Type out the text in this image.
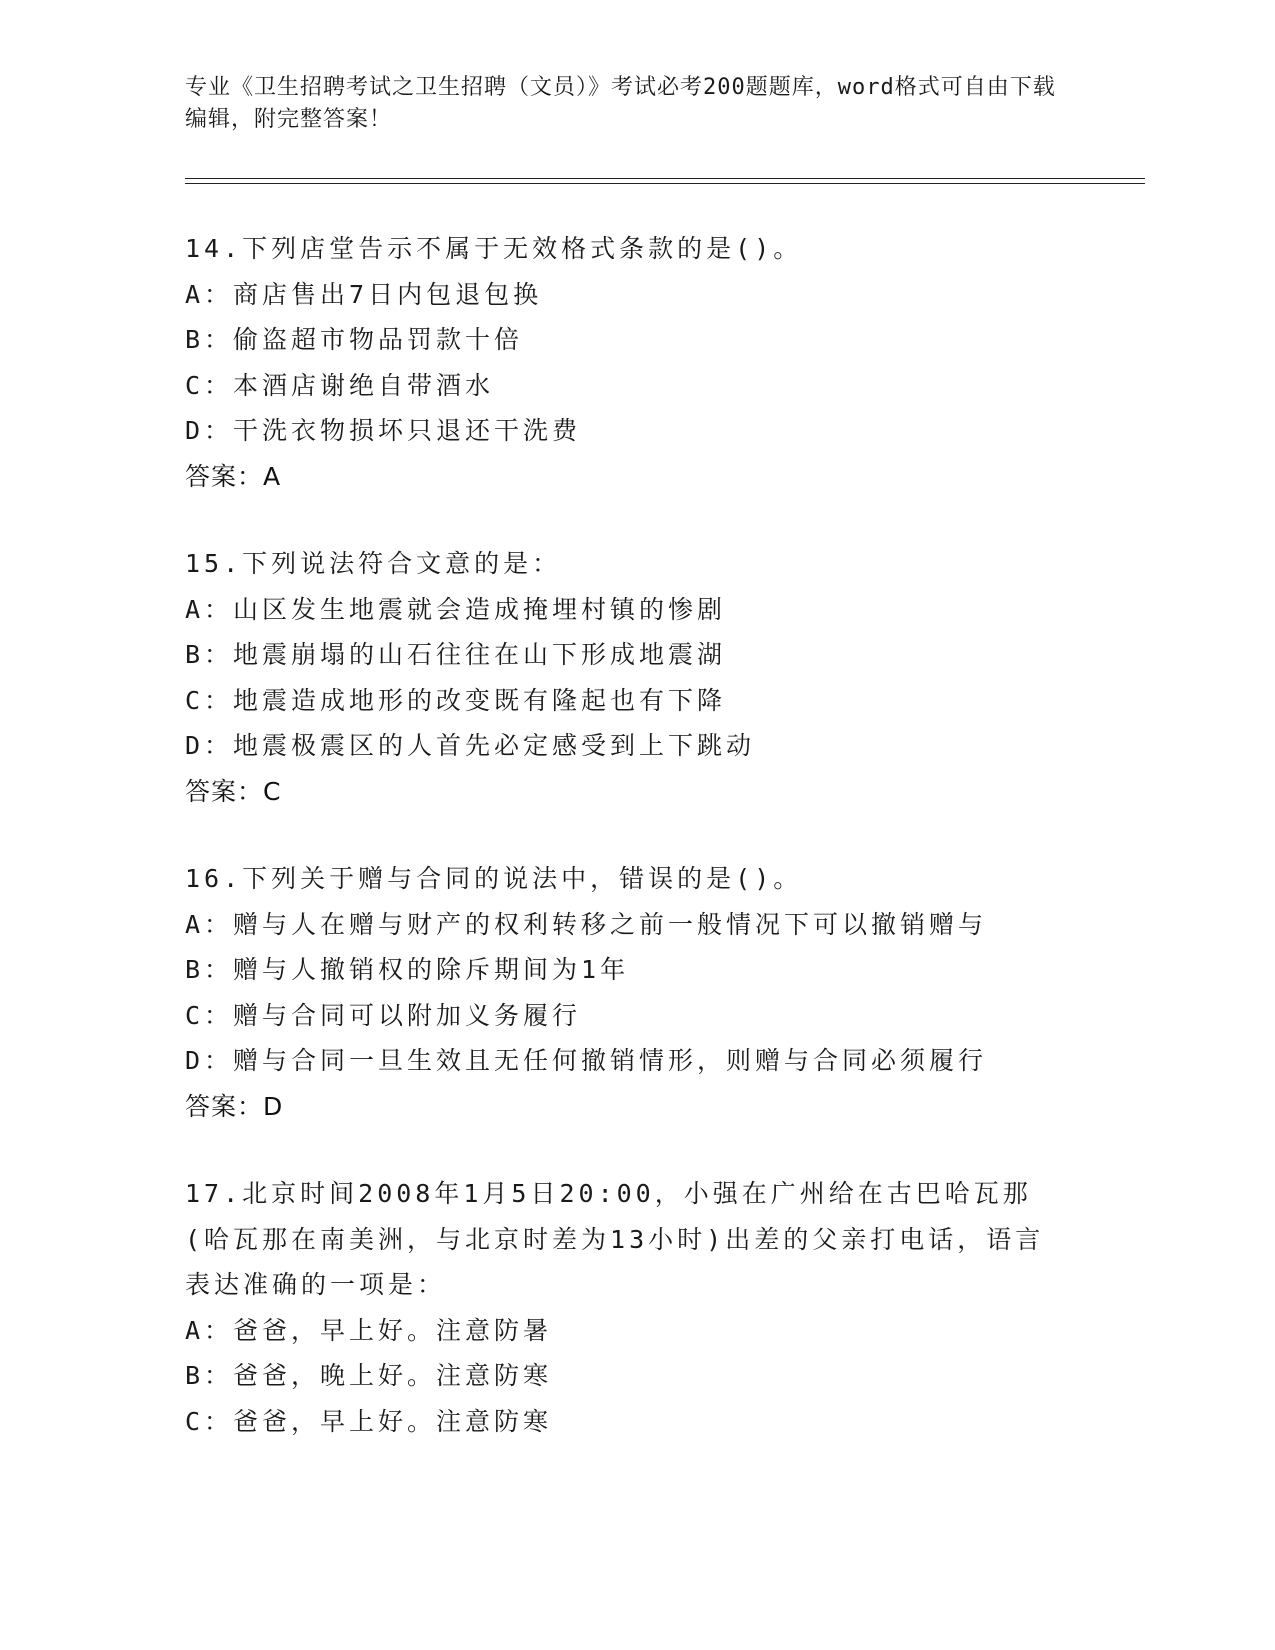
专业《卫生招聘考试之卫生招聘（文员）》考试必考200题题库，word格式可自由下载编辑，附完整答案！
14.下列店堂告示不属于无效格式条款的是()。
A：商店售出7日内包退包换
B：偷盗超市物品罚款十倍
C：本酒店谢绝自带酒水
D：干洗衣物损坏只退还干洗费
答案：A
15.下列说法符合文意的是：
A：山区发生地震就会造成掩埋村镇的惨剧
B：地震崩塌的山石往往在山下形成地震湖
C：地震造成地形的改变既有隆起也有下降
D：地震极震区的人首先必定感受到上下跳动
答案：C
16.下列关于赠与合同的说法中，错误的是()。
A：赠与人在赠与财产的权利转移之前一般情况下可以撤销赠与
B：赠与人撤销权的除斥期间为1年
C：赠与合同可以附加义务履行
D：赠与合同一旦生效且无任何撤销情形，则赠与合同必须履行
答案：D
17.北京时间2008年1月5日20:00，小强在广州给在古巴哈瓦那(哈瓦那在南美洲，与北京时差为13小时)出差的父亲打电话，语言表达准确的一项是：
A：爸爸，早上好。注意防暑
B：爸爸，晚上好。注意防寒
C：爸爸，早上好。注意防寒
